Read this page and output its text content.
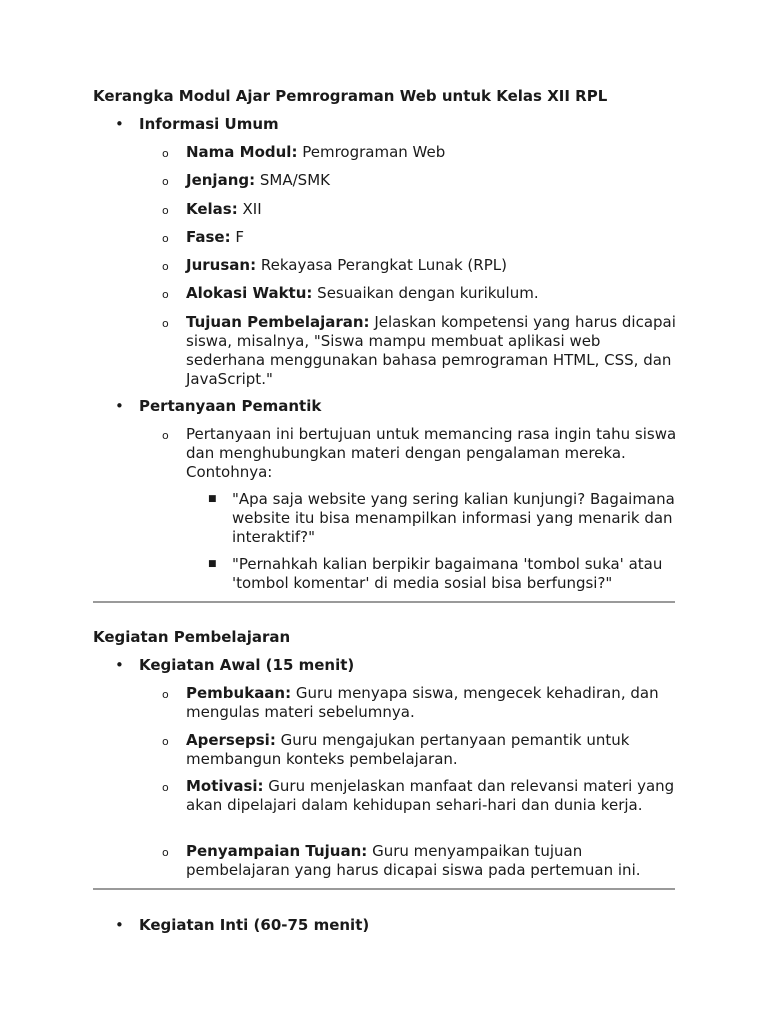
Kerangka Modul Ajar Pemrograman Web untuk Kelas XII RPL
• Informasi Umum
o Nama Modul: Pemrograman Web
o Jenjang: SMA/SMK
o Kelas: XII
o Fase: F
o Jurusan: Rekayasa Perangkat Lunak (RPL)
o Alokasi Waktu: Sesuaikan dengan kurikulum.
o Tujuan Pembelajaran: Jelaskan kompetensi yang harus dicapai siswa, misalnya, "Siswa mampu membuat aplikasi web sederhana menggunakan bahasa pemrograman HTML, CSS, dan JavaScript."
• Pertanyaan Pemantik
o Pertanyaan ini bertujuan untuk memancing rasa ingin tahu siswa dan menghubungkan materi dengan pengalaman mereka. Contohnya:
■ "Apa saja website yang sering kalian kunjungi? Bagaimana website itu bisa menampilkan informasi yang menarik dan interaktif?"
■ "Pernahkah kalian berpikir bagaimana 'tombol suka' atau 'tombol komentar' di media sosial bisa berfungsi?"
Kegiatan Pembelajaran
• Kegiatan Awal (15 menit)
o Pembukaan: Guru menyapa siswa, mengecek kehadiran, dan mengulas materi sebelumnya.
o Apersepsi: Guru mengajukan pertanyaan pemantik untuk membangun konteks pembelajaran.
o Motivasi: Guru menjelaskan manfaat dan relevansi materi yang akan dipelajari dalam kehidupan sehari-hari dan dunia kerja.
o Penyampaian Tujuan: Guru menyampaikan tujuan pembelajaran yang harus dicapai siswa pada pertemuan ini.
• Kegiatan Inti (60-75 menit)
